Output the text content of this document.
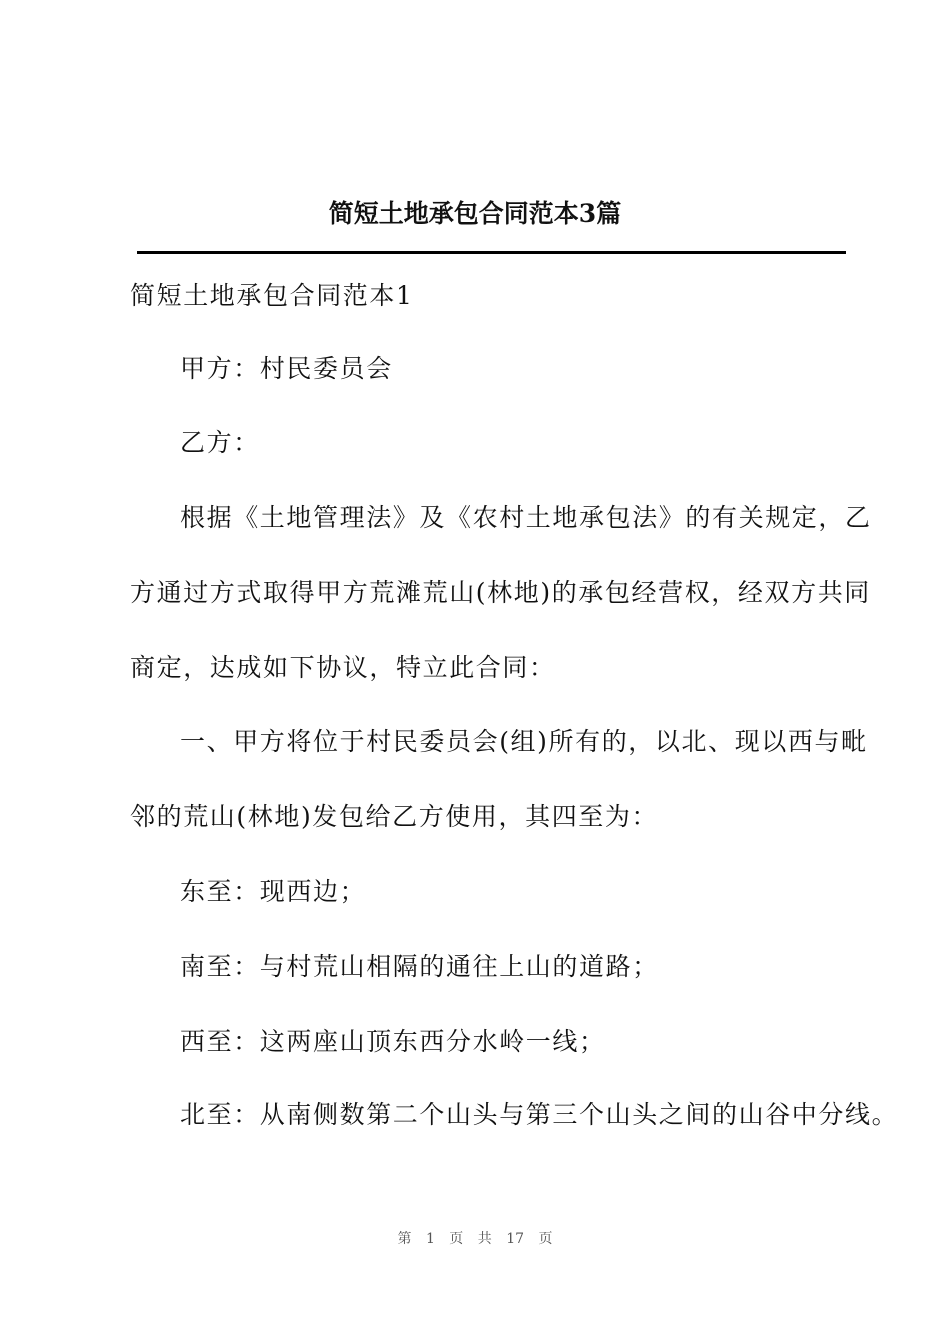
简短土地承包合同范本3篇
简短土地承包合同范本1
甲方：村民委员会
乙方：
根据《土地管理法》及《农村土地承包法》的有关规定，乙
方通过方式取得甲方荒滩荒山(林地)的承包经营权，经双方共同
商定，达成如下协议，特立此合同：
一、甲方将位于村民委员会(组)所有的，以北、现以西与毗
邻的荒山(林地)发包给乙方使用，其四至为：
东至：现西边；
南至：与村荒山相隔的通往上山的道路；
西至：这两座山顶东西分水岭一线；
北至：从南侧数第二个山头与第三个山头之间的山谷中分线。
第 1 页 共 17 页
